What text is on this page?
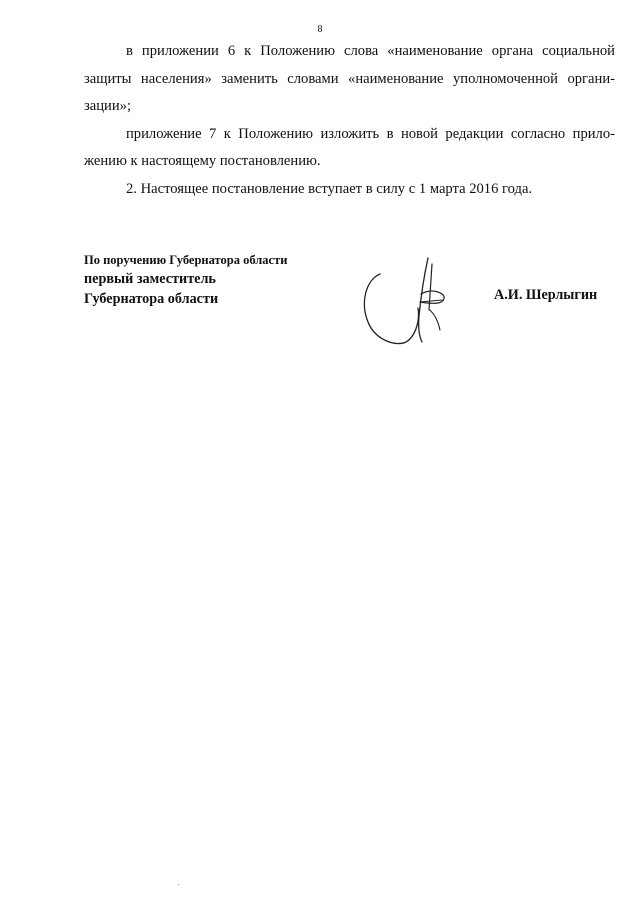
8

в приложении 6 к Положению слова «наименование органа социальной
защиты населения» заменить словами «наименование уполномоченной органи-
зации»;

приложение 7 к Положению изложить в новой редакции согласно прило-
жению к настоящему постановлению.

2. Настоящее постановление вступает в силу с 1 марта 2016 года.

По поручению Губернатора области
первый заместитель
Губернатора области	А.И. Шерлыгин
